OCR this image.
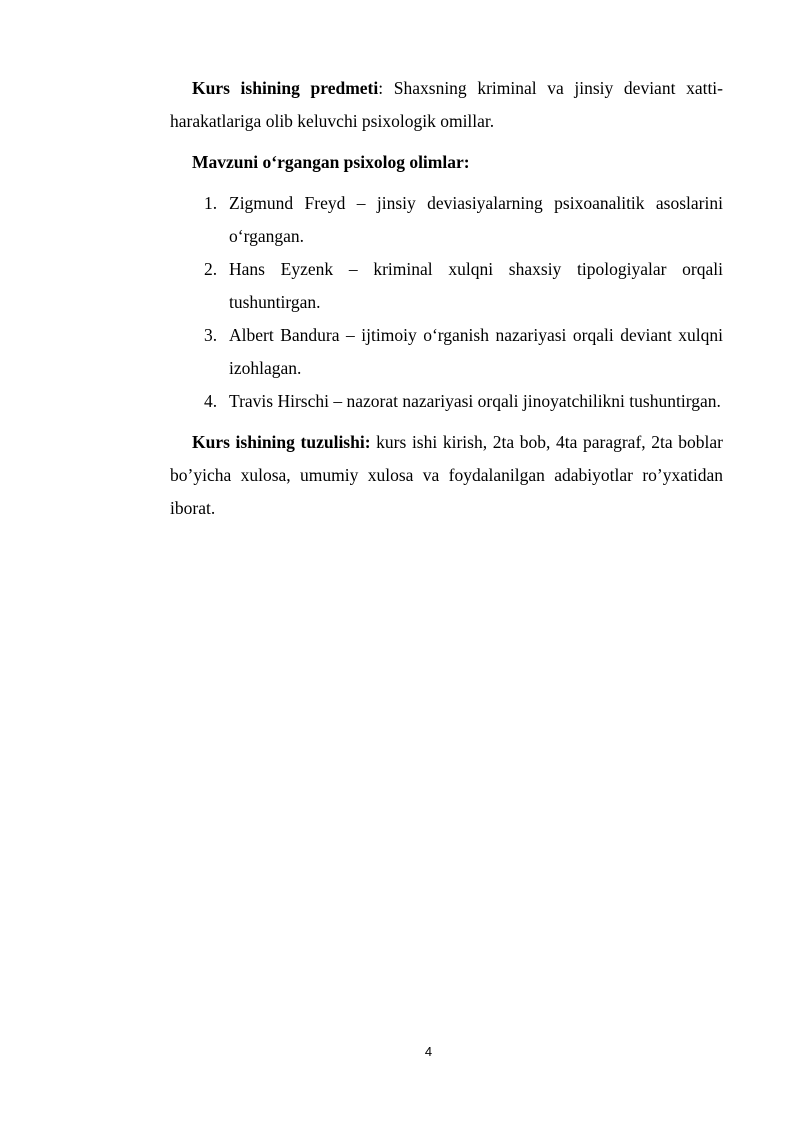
Kurs ishining predmeti: Shaxsning kriminal va jinsiy deviant xatti-harakatlariga olib keluvchi psixologik omillar.

Mavzuni o‘rgangan psixolog olimlar:
1. Zigmund Freyd – jinsiy deviasiyalarning psixoanalitik asoslarini o‘rgangan.
2. Hans Eyzenk – kriminal xulqni shaxsiy tipologiyalar orqali tushuntirgan.
3. Albert Bandura – ijtimoiy o‘rganish nazariyasi orqali deviant xulqni izohlagan.
4. Travis Hirschi – nazorat nazariyasi orqali jinoyatchilikni tushuntirgan.

Kurs ishining tuzulishi: kurs ishi kirish, 2ta bob, 4ta paragraf, 2ta boblar bo’yicha xulosa, umumiy xulosa va foydalanilgan adabiyotlar ro’yxatidan iborat.

4
